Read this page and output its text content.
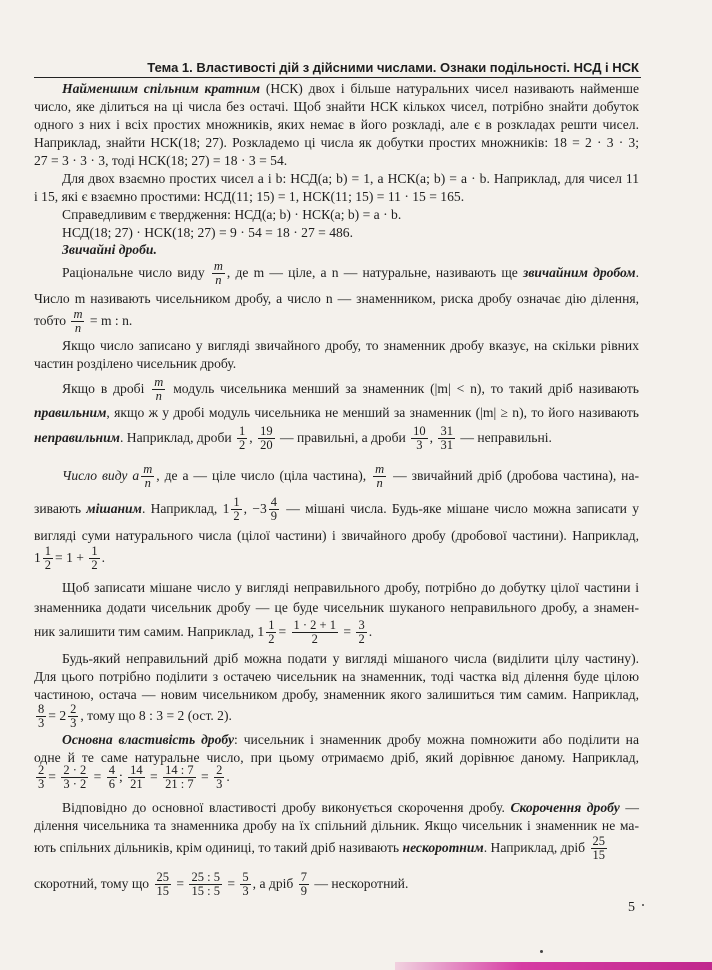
Тема 1. Властивості дій з дійсними числами. Ознаки подільності. НСД і НСК
Найменшим спільним кратним (НСК) двох і більше натуральних чисел називають найменше
число, яке ділиться на ці числа без остачі. Щоб знайти НСК кількох чисел, потрібно знайти добуток
одного з них і всіх простих множників, яких немає в його розкладі, але є в розкладах решти чисел.
Наприклад, знайти НСК(18; 27). Розкладемо ці числа як добутки простих множників: 18 = 2 · 3 · 3;
27 = 3 · 3 · 3, тоді НСК(18; 27) = 18 · 3 = 54.
Для двох взаємно простих чисел a і b: НСД(a; b) = 1, а НСК(a; b) = a · b. Наприклад, для чисел 11
і 15, які є взаємно простими: НСД(11; 15) = 1, НСК(11; 15) = 11 · 15 = 165.
Справедливим є твердження: НСД(a; b) · НСК(a; b) = a · b.
НСД(18; 27) · НСК(18; 27) = 9 · 54 = 18 · 27 = 486.
Звичайні дроби.
Раціональне число виду $\frac{m}{n}$ , де m — ціле, а n — натуральне, називають ще звичайним дробом.
Число m називають чисельником дробу, а число n — знаменником, риска дробу означає дію ділення,
тобто $\frac{m}{n} = m$ : n.
Якщо число записано у вигляді звичайного дробу, то знаменник дробу вказує, на скільки рівних
частин розділено чисельник дробу.
Якщо в дробі $\frac{m}{n}$ модуль чисельника менший за знаменник (|m| < n), то такий дріб називають
правильним, якщо ж у дробі модуль чисельника не менший за знаменник (|m| ≥ n), то його називають
неправильним. Наприклад, дроби $\frac{1}{2}$ , $\frac{19}{20}$ — правильні, а дроби $\frac{10}{3}$ , $\frac{31}{31}$ — неправильні.
Число виду a $\frac{m}{n}$ , де a — ціле число (ціла частина), $\frac{m}{n}$ — звичайний дріб (дробова частина), на-
зивають мішаним. Наприклад, $1 \frac{1}{2}$ , $-3 \frac{4}{9}$ — мішані числа. Будь-яке мішане число можна записати у
вигляді суми натурального числа (цілої частини) і звичайного дробу (дробової частини). Наприклад,
$1 \frac{1}{2} = 1 + \frac{1}{2}$ .
Щоб записати мішане число у вигляді неправильного дробу, потрібно до добутку цілої частини і
знаменника додати чисельник дробу — це буде чисельник шуканого неправильного дробу, а знамен-
ник залишити тим самим. Наприклад, $1 \frac{1}{2} = \frac{1 \cdot 2 + 1}{2} = \frac{3}{2}$ .
Будь-який неправильний дріб можна подати у вигляді мішаного числа (виділити цілу частину).
Для цього потрібно поділити з остачею чисельник на знаменник, тоді частка від ділення буде цілою
частиною, остача — новим чисельником дробу, знаменник якого залишиться тим самим. Наприклад,
$\frac{8}{3} = 2 \frac{2}{3}$ , тому що 8 : 3 = 2 (ост. 2).
Основна властивість дробу: чисельник і знаменник дробу можна помножити або поділити на
одне й те саме натуральне число, при цьому отримаємо дріб, який дорівнює даному. Наприклад,
$\frac{2}{3} = \frac{2 \cdot 2}{3 \cdot 2} = \frac{4}{6}$ ; $\frac{14}{21} = \frac{14 : 7}{21 : 7} = \frac{2}{3}$ .
Відповідно до основної властивості дробу виконується скорочення дробу. Скорочення дробу —
ділення чисельника та знаменника дробу на їх спільний дільник. Якщо чисельник і знаменник не ма-
ють спільних дільників, крім одиниці, то такий дріб називають нескоротним. Наприклад, дріб $\frac{25}{15}$
скоротний, тому що $\frac{25}{15} = \frac{25 : 5}{15 : 5} = \frac{5}{3}$ , а дріб $\frac{7}{9}$ — нескоротний.
5
